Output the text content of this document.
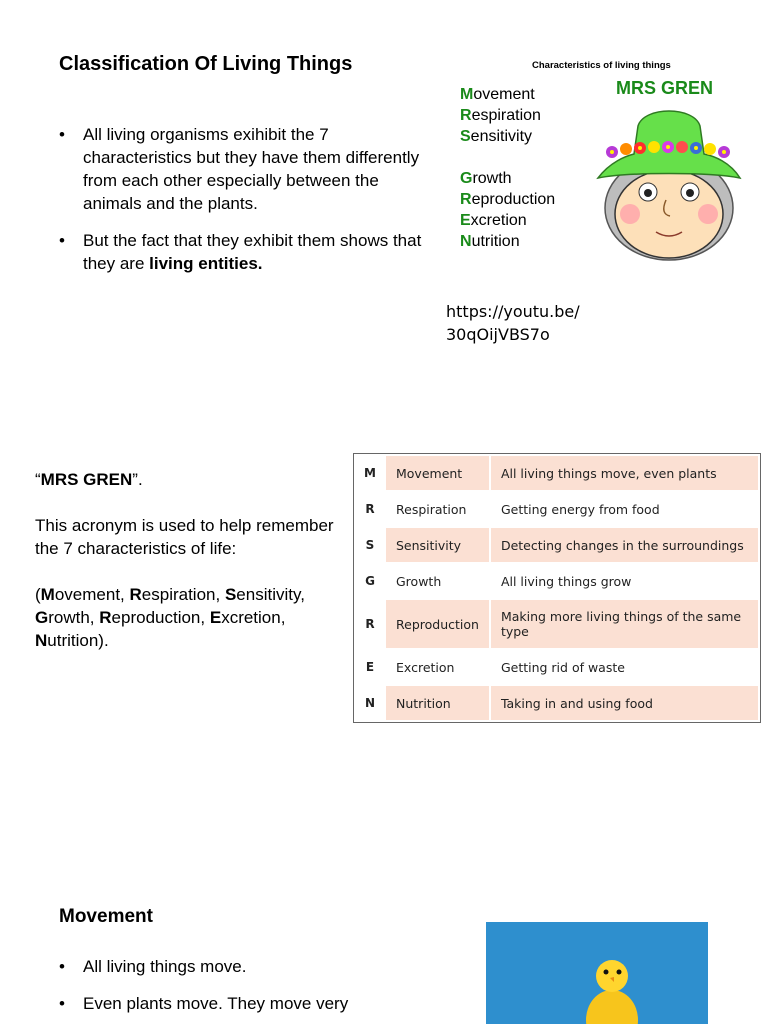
Classification Of Living Things
• All living organisms exihibit the 7 characteristics but they have them differently from each other especially between the animals and the plants.
• But the fact that they exhibit them shows that they are living entities.
https://youtu.be/
30qOijVBS7o
Characteristics of living things
MRS GREN
Movement
Respiration
Sensitivity
Growth
Reproduction
Excretion
Nutrition

“MRS GREN”.

This acronym is used to help remember the 7 characteristics of life:

(Movement, Respiration, Sensitivity, Growth, Reproduction, Excretion, Nutrition).

M	Movement	All living things move, even plants
R	Respiration	Getting energy from food
S	Sensitivity	Detecting changes in the surroundings
G	Growth	All living things grow
R	Reproduction	Making more living things of the same type
E	Excretion	Getting rid of waste
N	Nutrition	Taking in and using food
Movement
• All living things move.
• Even plants move. They move very
